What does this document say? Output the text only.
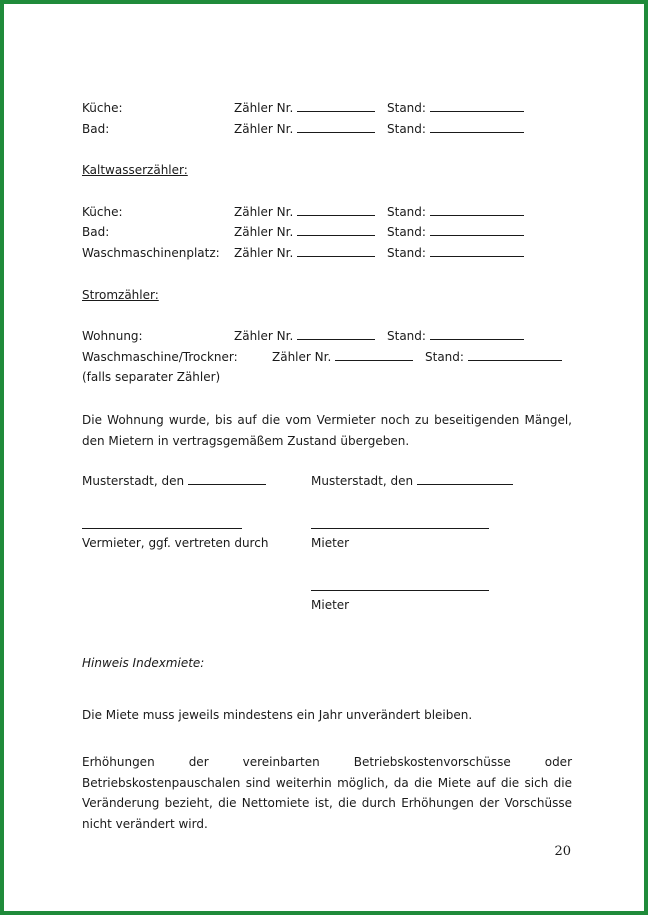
Küche:	Zähler Nr.	Stand:
Bad:	Zähler Nr.	Stand:
Kaltwasserzähler:
Küche:	Zähler Nr.	Stand:
Bad:	Zähler Nr.	Stand:
Waschmaschinenplatz: Zähler Nr.	Stand:
Stromzähler:
Wohnung:	Zähler Nr.	Stand:
Waschmaschine/Trockner:	Zähler Nr.	Stand:
(falls separater Zähler)
Die Wohnung wurde, bis auf die vom Vermieter noch zu beseitigenden Mängel,
den Mietern in vertragsgemäßem Zustand übergeben.
Musterstadt, den	Musterstadt, den
Vermieter, ggf. vertreten durch	Mieter
Mieter
Hinweis Indexmiete:
Die Miete muss jeweils mindestens ein Jahr unverändert bleiben.
Erhöhungen der vereinbarten Betriebskostenvorschüsse oder
Betriebskostenpauschalen sind weiterhin möglich, da die Miete auf die sich die Veränderung bezieht, die Nettomiete ist, die durch Erhöhungen der Vorschüsse nicht verändert wird.
20
